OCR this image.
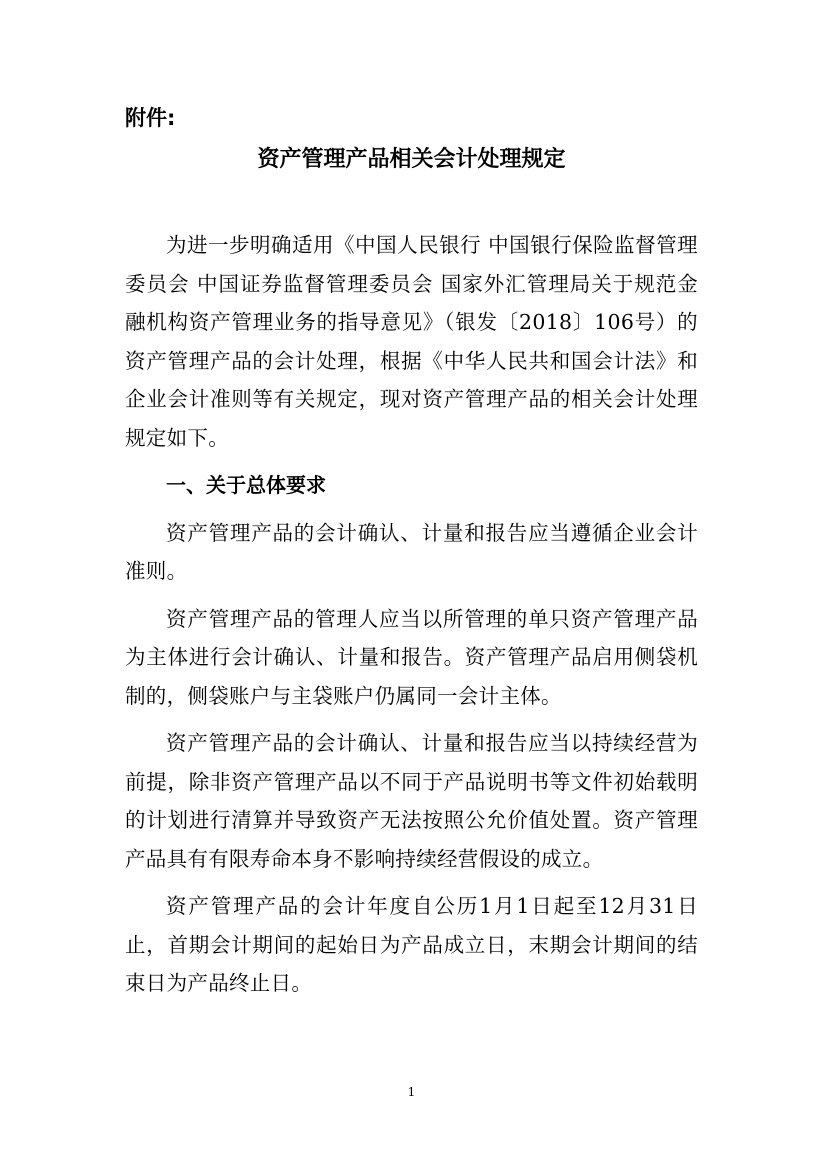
附件:

资产管理产品相关会计处理规定

为进一步明确适用《中国人民银行 中国银行保险监督管理委员会 中国证券监督管理委员会 国家外汇管理局关于规范金融机构资产管理业务的指导意见》（银发〔2018〕106号）的资产管理产品的会计处理，根据《中华人民共和国会计法》和企业会计准则等有关规定，现对资产管理产品的相关会计处理规定如下。

一、关于总体要求

资产管理产品的会计确认、计量和报告应当遵循企业会计准则。

资产管理产品的管理人应当以所管理的单只资产管理产品为主体进行会计确认、计量和报告。资产管理产品启用侧袋机制的，侧袋账户与主袋账户仍属同一会计主体。

资产管理产品的会计确认、计量和报告应当以持续经营为前提，除非资产管理产品以不同于产品说明书等文件初始载明的计划进行清算并导致资产无法按照公允价值处置。资产管理产品具有有限寿命本身不影响持续经营假设的成立。

资产管理产品的会计年度自公历1月1日起至12月31日止，首期会计期间的起始日为产品成立日，末期会计期间的结束日为产品终止日。

1
